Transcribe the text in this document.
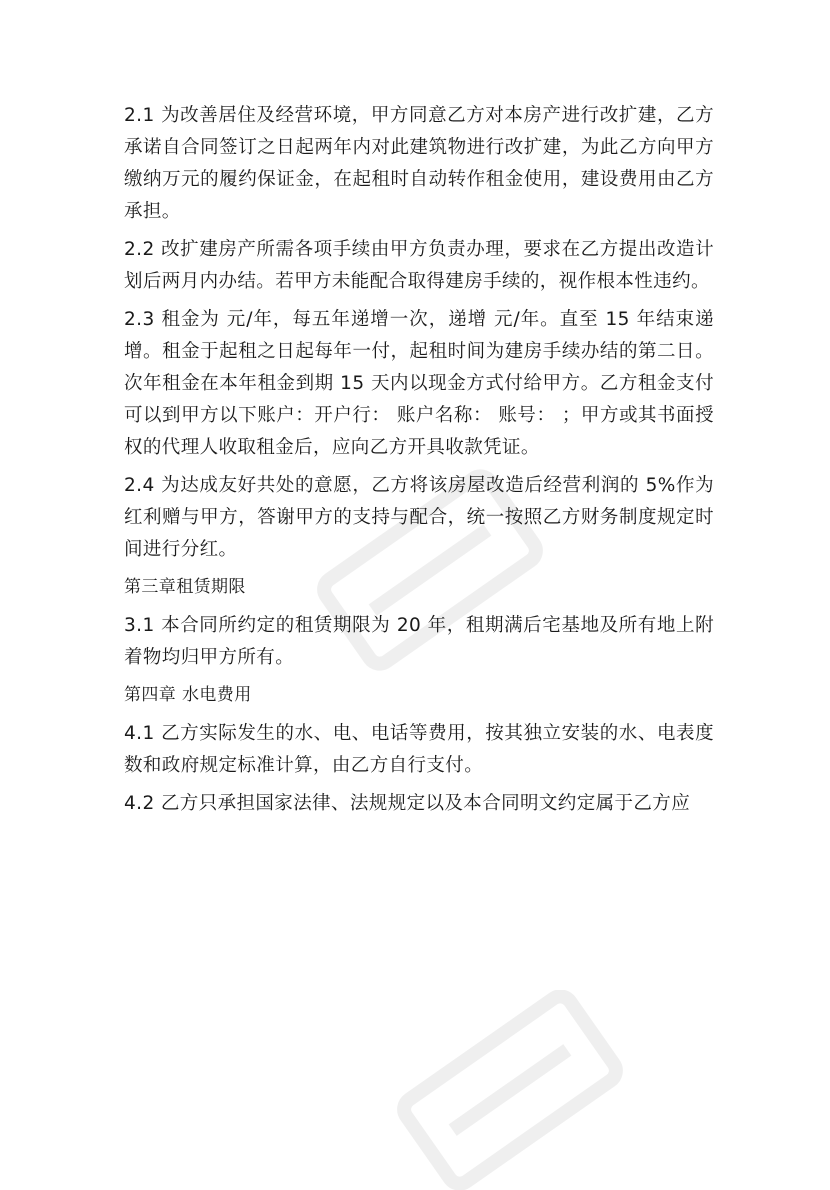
2.1 为改善居住及经营环境，甲方同意乙方对本房产进行改扩建，乙方承诺自合同签订之日起两年内对此建筑物进行改扩建，为此乙方向甲方缴纳万元的履约保证金，在起租时自动转作租金使用，建设费用由乙方承担。

2.2 改扩建房产所需各项手续由甲方负责办理，要求在乙方提出改造计划后两月内办结。若甲方未能配合取得建房手续的，视作根本性违约。

2.3 租金为 元/年，每五年递增一次，递增 元/年。直至 15 年结束递增。租金于起租之日起每年一付，起租时间为建房手续办结的第二日。次年租金在本年租金到期 15 天内以现金方式付给甲方。乙方租金支付可以到甲方以下账户：开户行： 账户名称： 账号： ；甲方或其书面授权的代理人收取租金后，应向乙方开具收款凭证。

2.4 为达成友好共处的意愿，乙方将该房屋改造后经营利润的 5%作为红利赠与甲方，答谢甲方的支持与配合，统一按照乙方财务制度规定时间进行分红。

第三章租赁期限

3.1 本合同所约定的租赁期限为 20 年，租期满后宅基地及所有地上附着物均归甲方所有。

第四章 水电费用

4.1 乙方实际发生的水、电、电话等费用，按其独立安装的水、电表度数和政府规定标准计算，由乙方自行支付。

4.2 乙方只承担国家法律、法规规定以及本合同明文约定属于乙方应
